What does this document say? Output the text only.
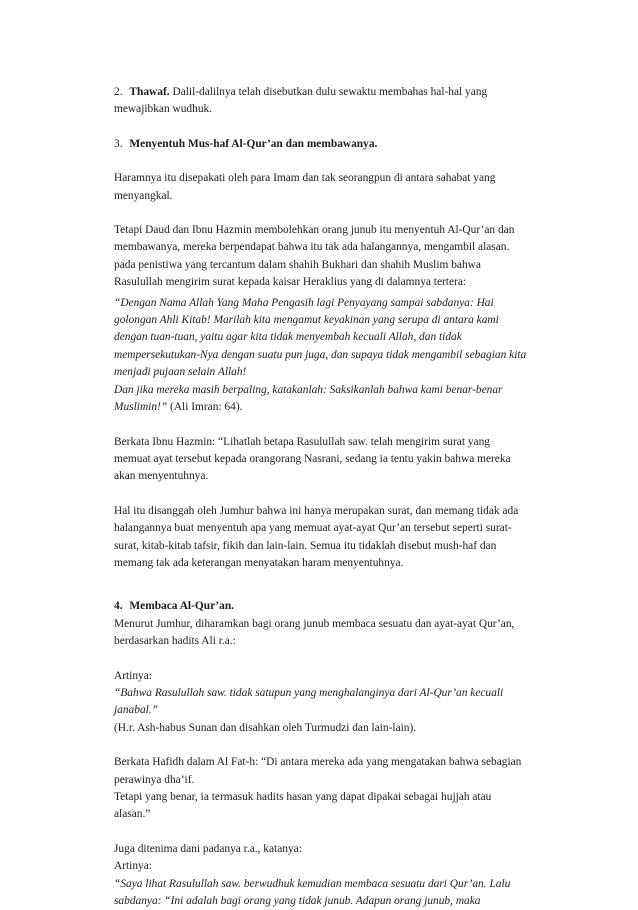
2. Thawaf. Dalil-dalilnya telah disebutkan dulu sewaktu membahas hal-hal yang mewajibkan wudhuk.

3. Menyentuh Mus-haf Al-Qur’an dan membawanya.

Haramnya itu disepakati oleh para Imam dan tak seorangpun di antara sahabat yang menyangkal.

Tetapi Daud dan Ibnu Hazmin membolehkan orang junub itu menyentuh Al-Qur’an dan membawanya, mereka berpendapat bahwa itu tak ada halangannya, mengambil alasan. pada penistiwa yang tercantum dalam shahih Bukhari dan shahih Muslim bahwa Rasulullah mengirim surat kepada kaisar Heraklius yang di dalamnya tertera:

“Dengan Nama Allah Yang Maha Pengasih lagi Penyayang sampai sabdanya: Hai golongan Ahli Kitab! Marilah kita mengamut keyakinan yang serupa di antara kami dengan tuan-tuan, yaitu agar kita tidak menyembah kecuali Allah, dan tidak mempersekutukan-Nya dengan suatu pun juga, dan supaya tidak mengambil sebagian kita menjadi pujaan selain Allah!

Dan jika mereka masih berpaling, katakanlah: Saksikanlah bahwa kami benar-benar Muslimin!” (Ali Imran: 64).

Berkata Ibnu Hazmin: “Lihatlah betapa Rasulullah saw. telah mengirim surat yang memuat ayat tersebut kepada orangorang Nasrani, sedang ia tentu yakin bahwa mereka akan menyentuhnya.

Hal itu disanggah oleh Jumhur bahwa ini hanya merupakan surat, dan memang tidak ada halangannya buat menyentuh apa yang memuat ayat-ayat Qur’an tersebut seperti surat-surat, kitab-kitab tafsir, fikih dan lain-lain. Semua itu tidaklah disebut mush-haf dan memang tak ada keterangan menyatakan haram menyentuhnya.

4. Membaca Al-Qur’an.

Menurut Jumhur, diharamkan bagi orang junub membaca sesuatu dan ayat-ayat Qur’an, berdasarkan hadits Ali r.a.:

Artinya:

“Bahwa Rasulullah saw. tidak satupun yang menghalanginya dari Al-Qur’an kecuali janabal.”

(H.r. Ash-habus Sunan dan disahkan oleh Turmudzi dan lain-lain).

Berkata Hafidh dalam Al Fat-h: “Di antara mereka ada yang mengatakan bahwa sebagian perawinya dha’if.

Tetapi yang benar, ia termasuk hadits hasan yang dapat dipakai sebagai hujjah atau alasan.”

Juga ditenima dani padanya r.a., katanya:

Artinya:

“Saya lihat Rasulullah saw. berwudhuk kemudian membaca sesuatu dari Qur’an. Lalu sabdanya: “Ini adalah bagi orang yang tidak junub. Adapun orang junub, maka
